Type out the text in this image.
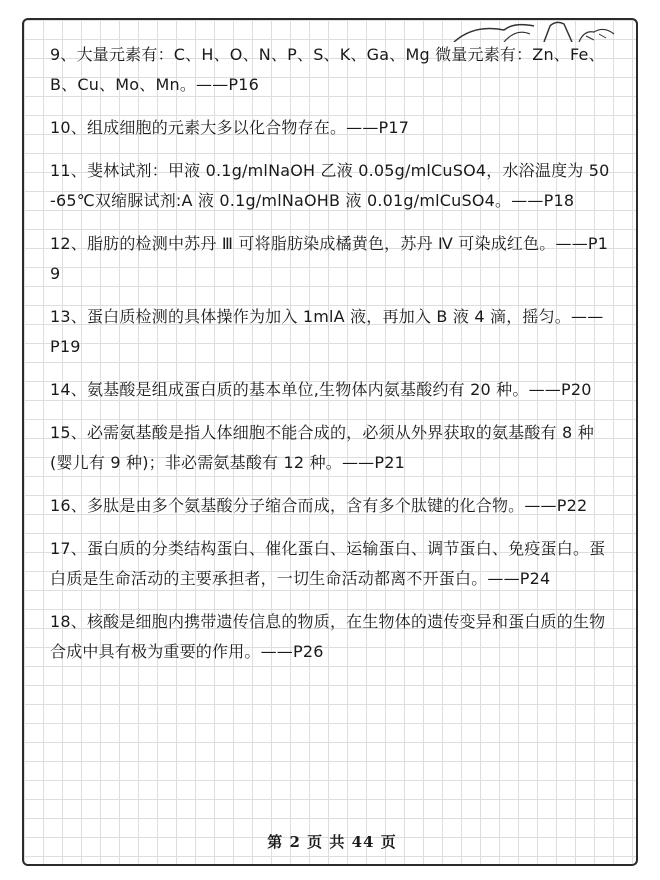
9、大量元素有：C、H、O、N、P、S、K、Ga、Mg 微量元素有：Zn、Fe、B、Cu、Mo、Mn。——P16
10、组成细胞的元素大多以化合物存在。——P17
11、斐林试剂：甲液 0.1g/mlNaOH 乙液 0.05g/mlCuSO4，水浴温度为 50-65℃双缩脲试剂:A 液 0.1g/mlNaOHB 液 0.01g/mlCuSO4。——P18
12、脂肪的检测中苏丹 Ⅲ 可将脂肪染成橘黄色，苏丹 Ⅳ 可染成红色。——P19
13、蛋白质检测的具体操作为加入 1mlA 液，再加入 B 液 4 滴，摇匀。——P19
14、氨基酸是组成蛋白质的基本单位,生物体内氨基酸约有 20 种。——P20
15、必需氨基酸是指人体细胞不能合成的，必须从外界获取的氨基酸有 8 种(婴儿有 9 种)；非必需氨基酸有 12 种。——P21
16、多肽是由多个氨基酸分子缩合而成，含有多个肽键的化合物。——P22
17、蛋白质的分类结构蛋白、催化蛋白、运输蛋白、调节蛋白、免疫蛋白。蛋白质是生命活动的主要承担者，一切生命活动都离不开蛋白。——P24
18、核酸是细胞内携带遗传信息的物质，在生物体的遗传变异和蛋白质的生物合成中具有极为重要的作用。——P26
第 2 页 共 44 页
